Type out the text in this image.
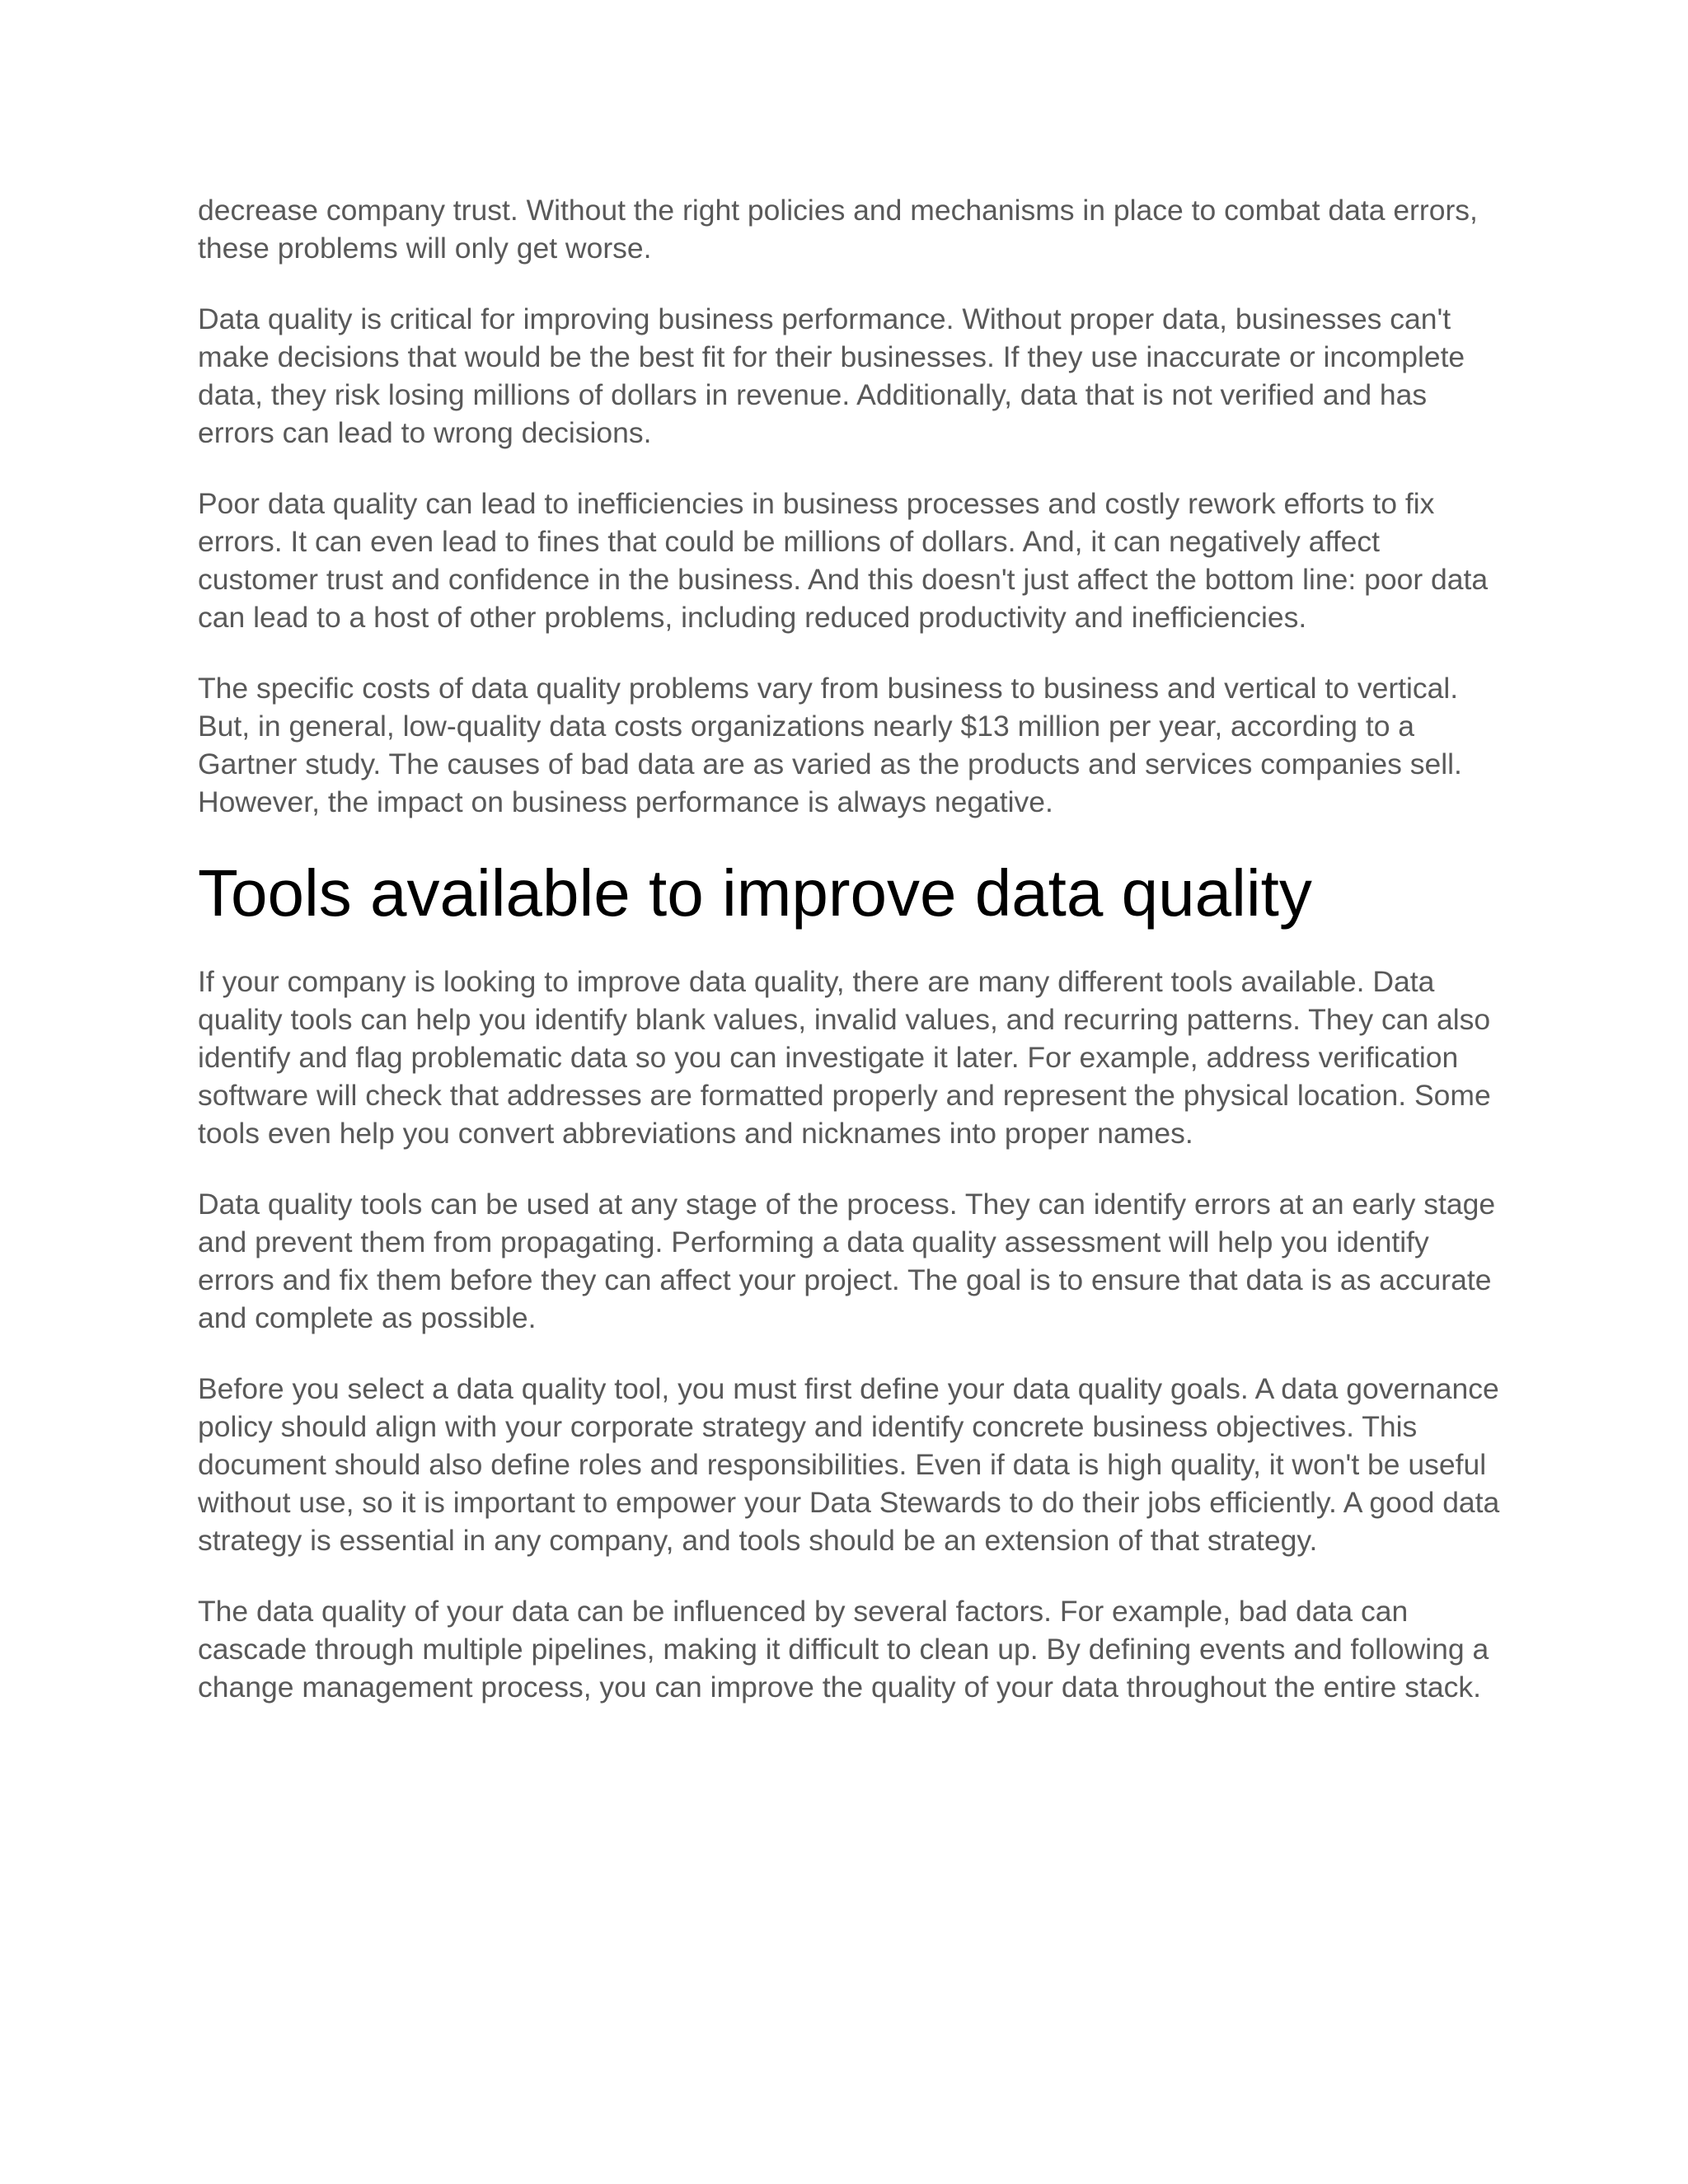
decrease company trust. Without the right policies and mechanisms in place to combat data errors, these problems will only get worse.

Data quality is critical for improving business performance. Without proper data, businesses can't make decisions that would be the best fit for their businesses. If they use inaccurate or incomplete data, they risk losing millions of dollars in revenue. Additionally, data that is not verified and has errors can lead to wrong decisions.

Poor data quality can lead to inefficiencies in business processes and costly rework efforts to fix errors. It can even lead to fines that could be millions of dollars. And, it can negatively affect customer trust and confidence in the business. And this doesn't just affect the bottom line: poor data can lead to a host of other problems, including reduced productivity and inefficiencies.

The specific costs of data quality problems vary from business to business and vertical to vertical. But, in general, low-quality data costs organizations nearly $13 million per year, according to a Gartner study. The causes of bad data are as varied as the products and services companies sell. However, the impact on business performance is always negative.

Tools available to improve data quality

If your company is looking to improve data quality, there are many different tools available. Data quality tools can help you identify blank values, invalid values, and recurring patterns. They can also identify and flag problematic data so you can investigate it later. For example, address verification software will check that addresses are formatted properly and represent the physical location. Some tools even help you convert abbreviations and nicknames into proper names.

Data quality tools can be used at any stage of the process. They can identify errors at an early stage and prevent them from propagating. Performing a data quality assessment will help you identify errors and fix them before they can affect your project. The goal is to ensure that data is as accurate and complete as possible.

Before you select a data quality tool, you must first define your data quality goals. A data governance policy should align with your corporate strategy and identify concrete business objectives. This document should also define roles and responsibilities. Even if data is high quality, it won't be useful without use, so it is important to empower your Data Stewards to do their jobs efficiently. A good data strategy is essential in any company, and tools should be an extension of that strategy.

The data quality of your data can be influenced by several factors. For example, bad data can cascade through multiple pipelines, making it difficult to clean up. By defining events and following a change management process, you can improve the quality of your data throughout the entire stack.
